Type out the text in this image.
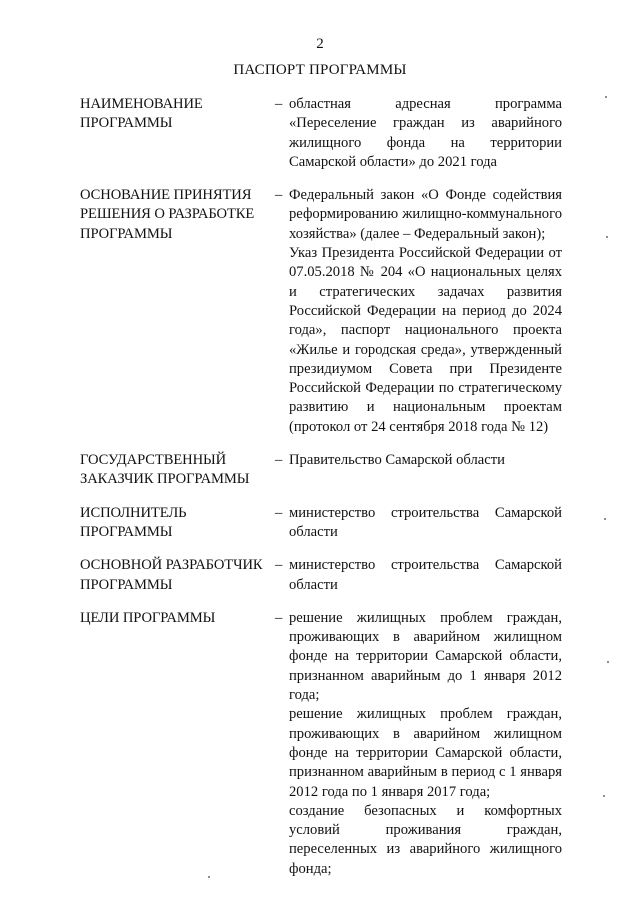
2
ПАСПОРТ ПРОГРАММЫ
НАИМЕНОВАНИЕ ПРОГРАММЫ
– областная адресная программа «Переселение граждан из аварийного жилищного фонда на территории Самарской области» до 2021 года
ОСНОВАНИЕ ПРИНЯТИЯ РЕШЕНИЯ О РАЗРАБОТКЕ ПРОГРАММЫ
– Федеральный закон «О Фонде содействия реформированию жилищно-коммунального хозяйства» (далее – Федеральный закон);
Указ Президента Российской Федерации от 07.05.2018 № 204 «О национальных целях и стратегических задачах развития Российской Федерации на период до 2024 года», паспорт национального проекта «Жилье и городская среда», утвержденный президиумом Совета при Президенте Российской Федерации по стратегическому развитию и национальным проектам (протокол от 24 сентября 2018 года № 12)
ГОСУДАРСТВЕННЫЙ ЗАКАЗЧИК ПРОГРАММЫ
– Правительство Самарской области
ИСПОЛНИТЕЛЬ ПРОГРАММЫ
– министерство строительства Самарской области
ОСНОВНОЙ РАЗРАБОТЧИК ПРОГРАММЫ
– министерство строительства Самарской области
ЦЕЛИ ПРОГРАММЫ	– решение жилищных проблем граждан, проживающих в аварийном жилищном фонде на территории Самарской области, признанном аварийным до 1 января 2012 года;
решение жилищных проблем граждан, проживающих в аварийном жилищном фонде на территории Самарской области, признанном аварийным в период с 1 января 2012 года по 1 января 2017 года;
создание безопасных и комфортных условий проживания граждан, переселенных из аварийного жилищного фонда;
